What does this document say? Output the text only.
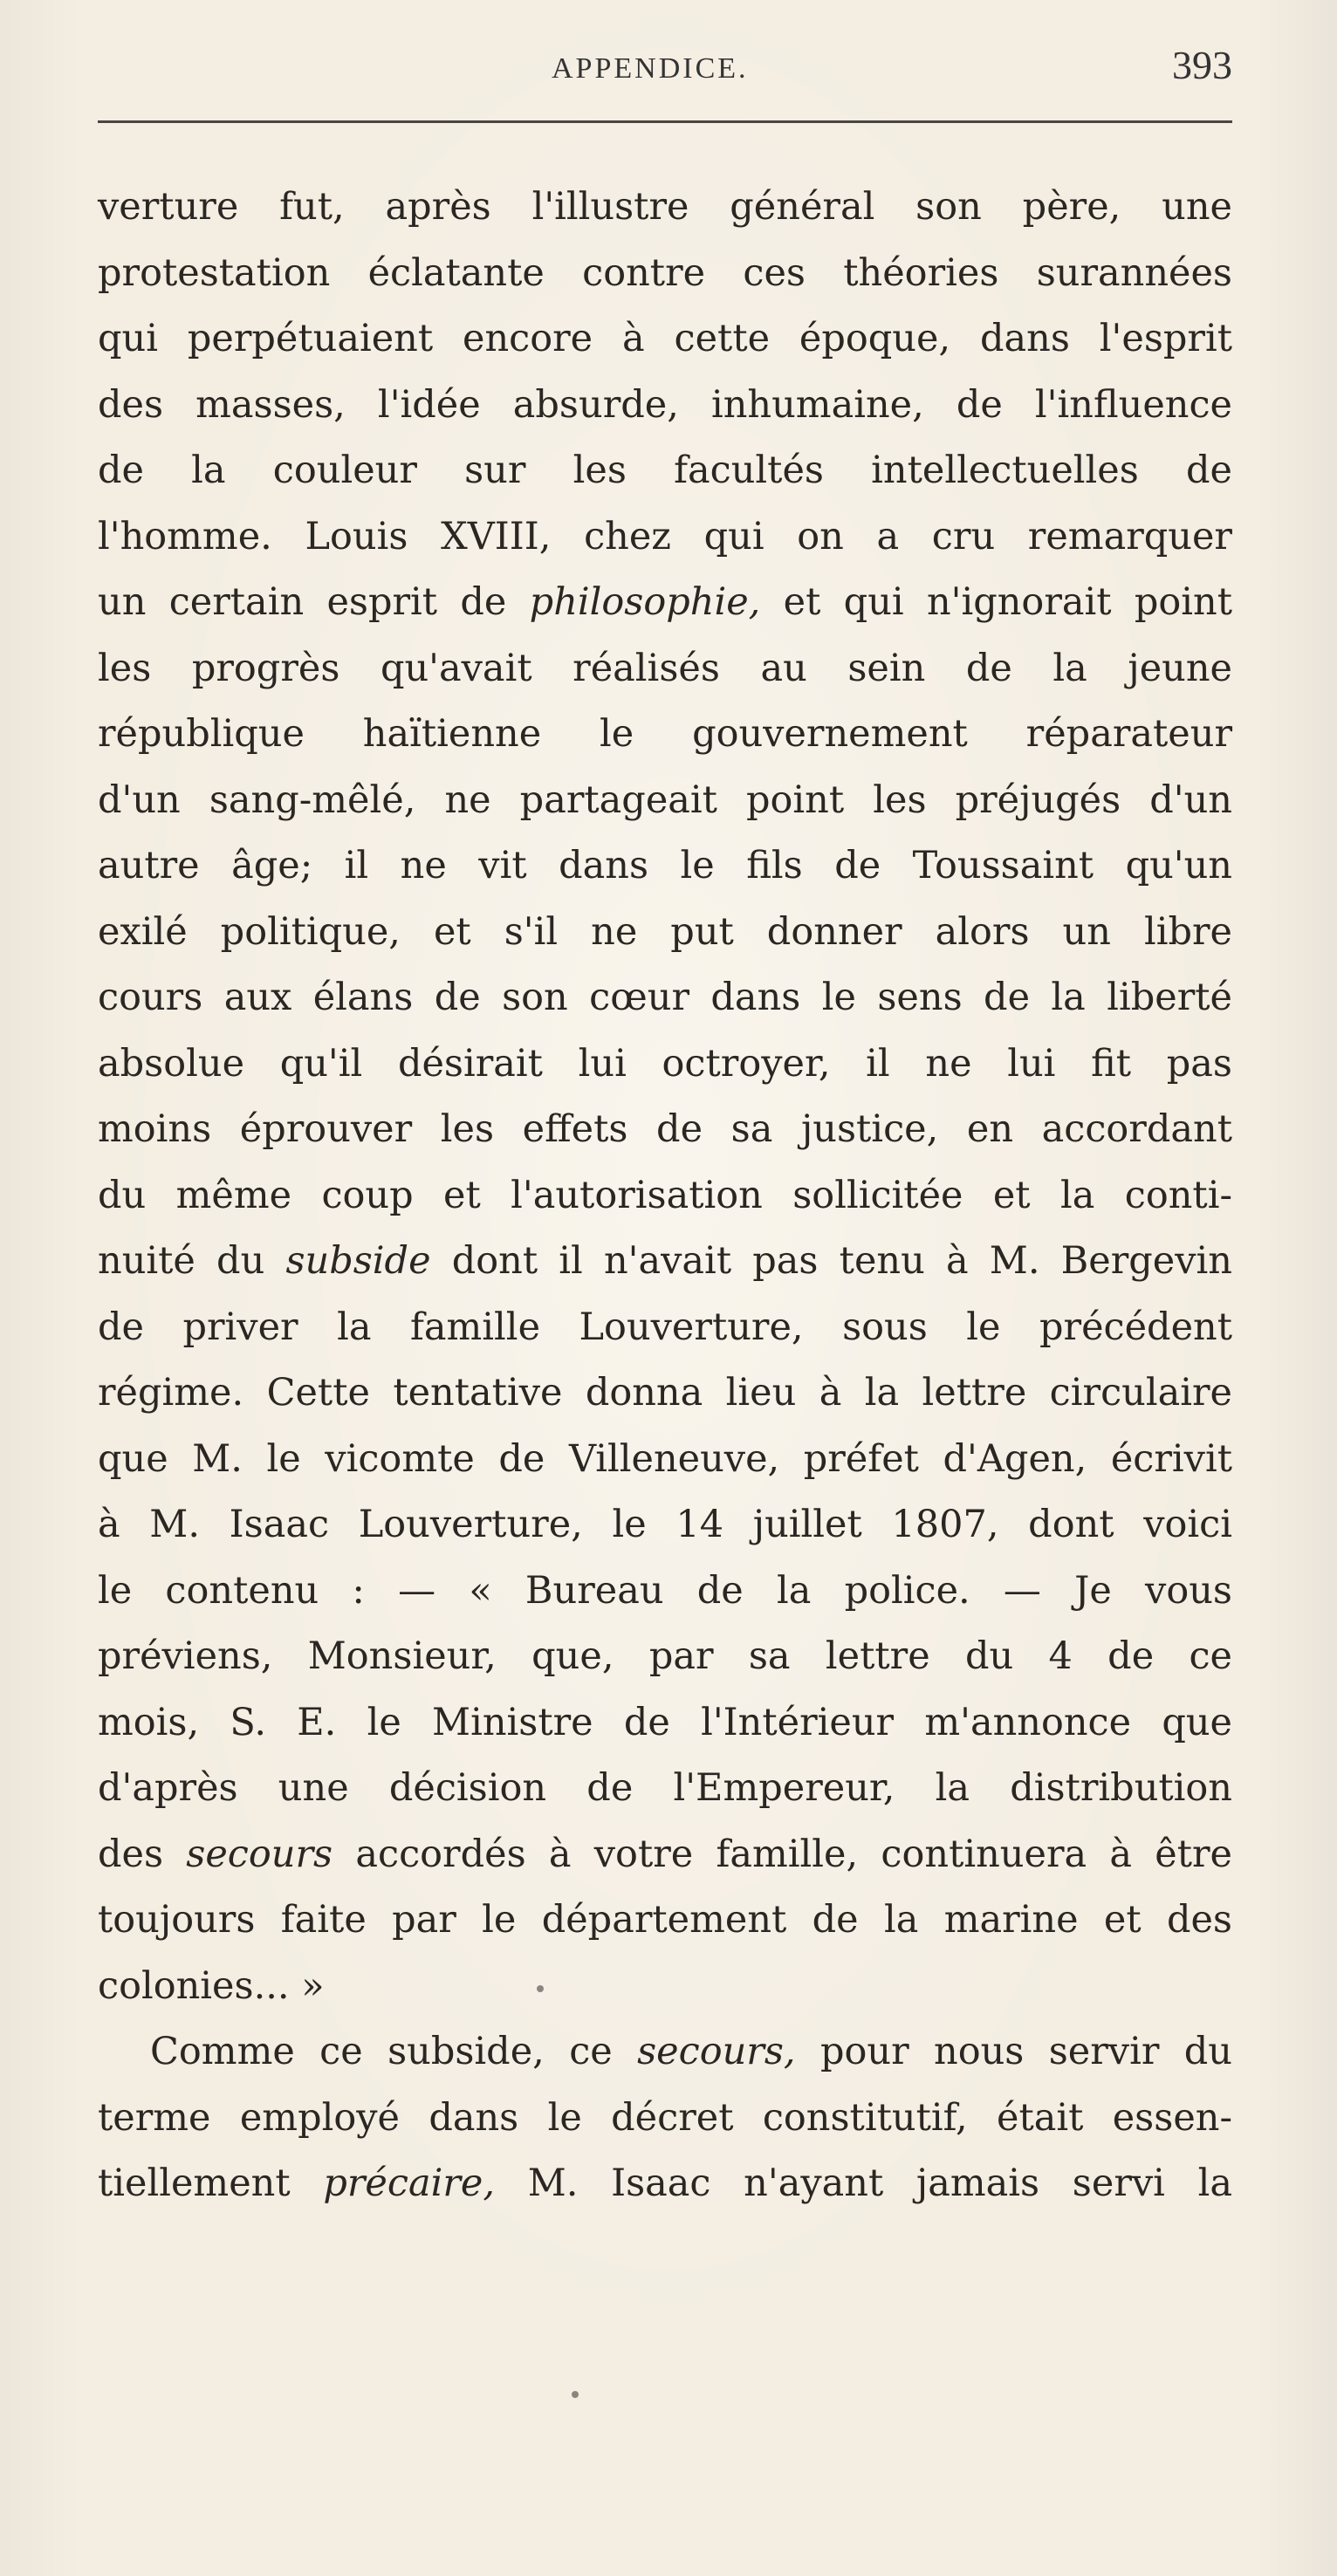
APPENDICE.	393
verture fut, après l'illustre général son père, une
protestation éclatante contre ces théories surannées
qui perpétuaient encore à cette époque, dans l'esprit
des masses, l'idée absurde, inhumaine, de l'influence
de la couleur sur les facultés intellectuelles de
l'homme. Louis XVIII, chez qui on a cru remarquer
un certain esprit de philosophie, et qui n'ignorait point
les progrès qu'avait réalisés au sein de la jeune
république haïtienne le gouvernement réparateur
d'un sang-mêlé, ne partageait point les préjugés d'un
autre âge; il ne vit dans le fils de Toussaint qu'un
exilé politique, et s'il ne put donner alors un libre
cours aux élans de son cœur dans le sens de la liberté
absolue qu'il désirait lui octroyer, il ne lui fit pas
moins éprouver les effets de sa justice, en accordant
du même coup et l'autorisation sollicitée et la conti-
nuité du subside dont il n'avait pas tenu à M. Bergevin
de priver la famille Louverture, sous le précédent
régime. Cette tentative donna lieu à la lettre circulaire
que M. le vicomte de Villeneuve, préfet d'Agen, écrivit
à M. Isaac Louverture, le 14 juillet 1807, dont voici
le contenu : — « Bureau de la police. — Je vous
préviens, Monsieur, que, par sa lettre du 4 de ce
mois, S. E. le Ministre de l'Intérieur m'annonce que
d'après une décision de l'Empereur, la distribution
des secours accordés à votre famille, continuera à être
toujours faite par le département de la marine et des
colonies... »
Comme ce subside, ce secours, pour nous servir du
terme employé dans le décret constitutif, était essen-
tiellement précaire, M. Isaac n'ayant jamais servi la
